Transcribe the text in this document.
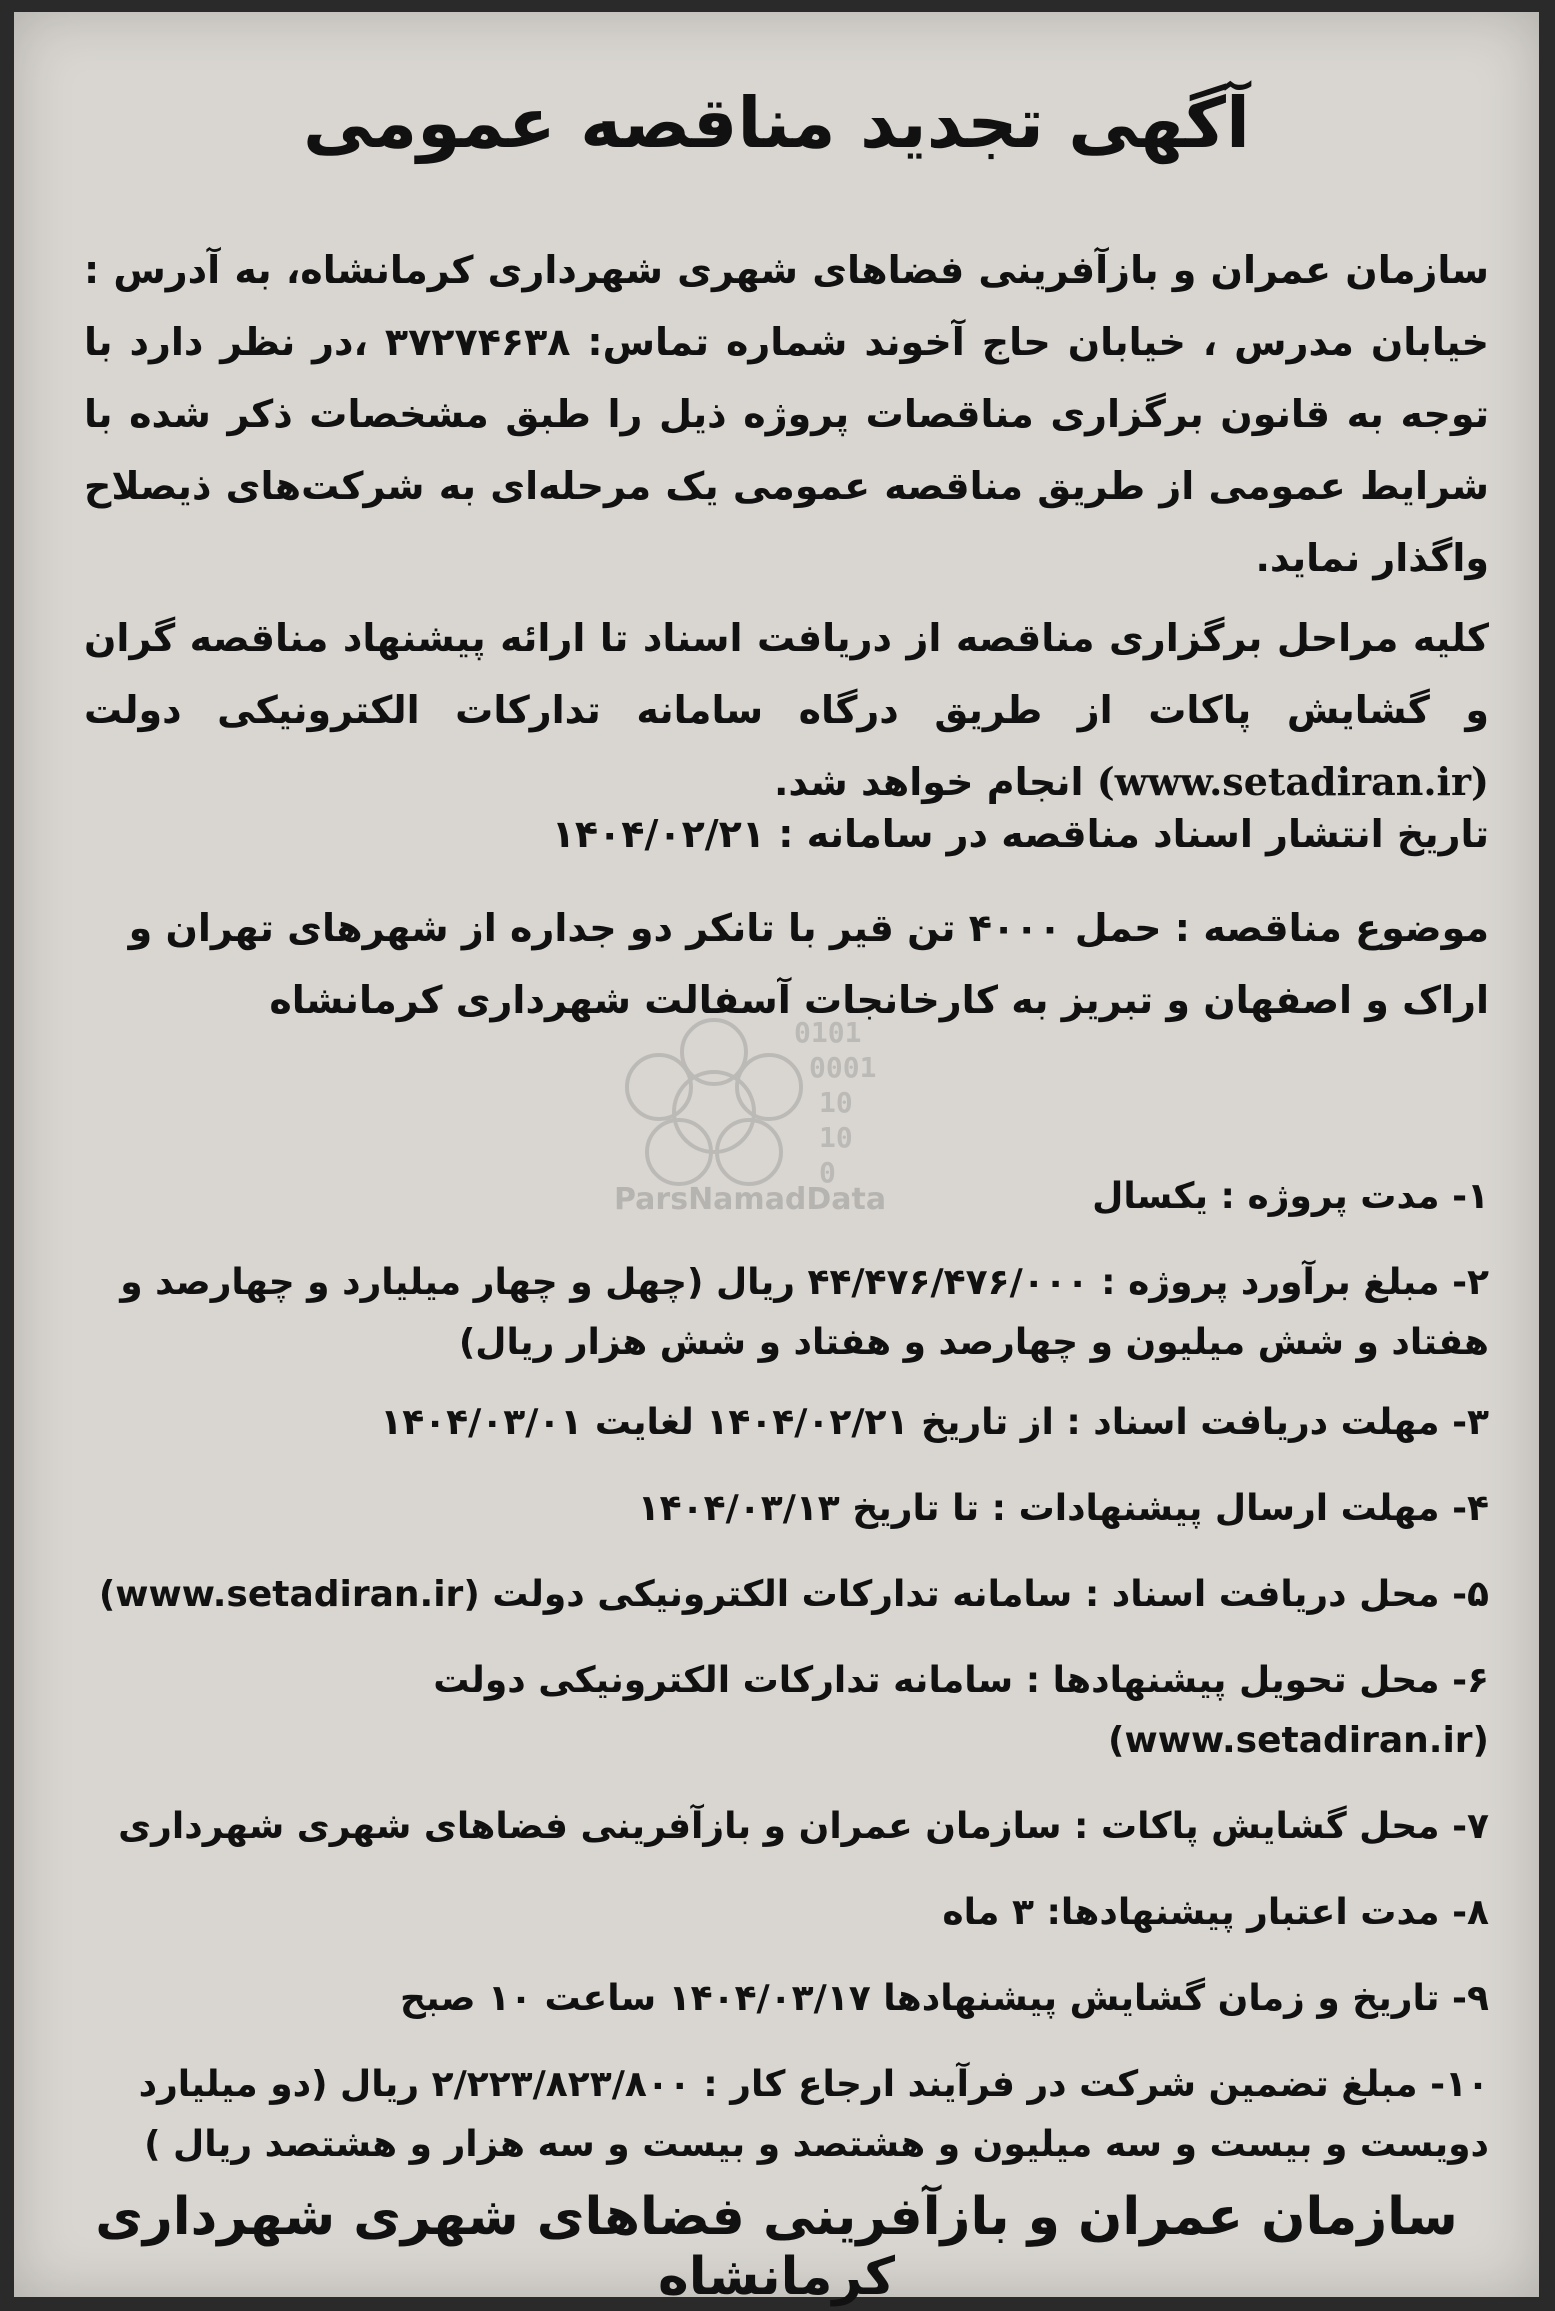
آگهی تجدید مناقصه عمومی

سازمان عمران و بازآفرینی فضاهای شهری شهرداری کرمانشاه، به آدرس : خیابان مدرس ، خیابان حاج آخوند شماره تماس: ۳۷۲۷۴۶۳۸ ،در نظر دارد با توجه به قانون برگزاری مناقصات پروژه ذیل را طبق مشخصات ذکر شده با شرایط عمومی از طریق مناقصه عمومی یک مرحله‌ای به شرکت‌های ذیصلاح واگذار نماید.

کلیه مراحل برگزاری مناقصه از دریافت اسناد تا ارائه پیشنهاد مناقصه گران و گشایش پاکات از طریق درگاه سامانه تدارکات الکترونیکی دولت (www.setadiran.ir) انجام خواهد شد.

تاریخ انتشار اسناد مناقصه در سامانه : ۱۴۰۴/۰۲/۲۱
موضوع مناقصه : حمل ۴۰۰۰ تن قیر با تانکر دو جداره از شهرهای تهران و اراک و اصفهان و تبریز به کارخانجات آسفالت شهرداری کرمانشاه
0101
0001
10
10
0
ParsNamadData	۱- مدت پروژه : یکسال
۲- مبلغ برآورد پروژه : ۴۴/۴۷۶/۴۷۶/۰۰۰ ریال (چهل و چهار میلیارد و چهارصد و هفتاد و شش میلیون و چهارصد و هفتاد و شش هزار ریال)
۳- مهلت دریافت اسناد : از تاریخ ۱۴۰۴/۰۲/۲۱ لغایت ۱۴۰۴/۰۳/۰۱
۴- مهلت ارسال پیشنهادات : تا تاریخ ۱۴۰۴/۰۳/۱۳
۵- محل دریافت اسناد : سامانه تدارکات الکترونیکی دولت (www.setadiran.ir)
۶- محل تحویل پیشنهادها : سامانه تدارکات الکترونیکی دولت (www.setadiran.ir)
۷- محل گشایش پاکات : سازمان عمران و بازآفرینی فضاهای شهری شهرداری
۸- مدت اعتبار پیشنهادها: ۳ ماه
۹- تاریخ و زمان گشایش پیشنهادها ۱۴۰۴/۰۳/۱۷ ساعت ۱۰ صبح
۱۰- مبلغ تضمین شرکت در فرآیند ارجاع کار : ۲/۲۲۳/۸۲۳/۸۰۰ ریال (دو میلیارد دویست و بیست و سه میلیون و هشتصد و بیست و سه هزار و هشتصد ریال )
سازمان عمران و بازآفرینی فضاهای شهری شهرداری کرمانشاه
